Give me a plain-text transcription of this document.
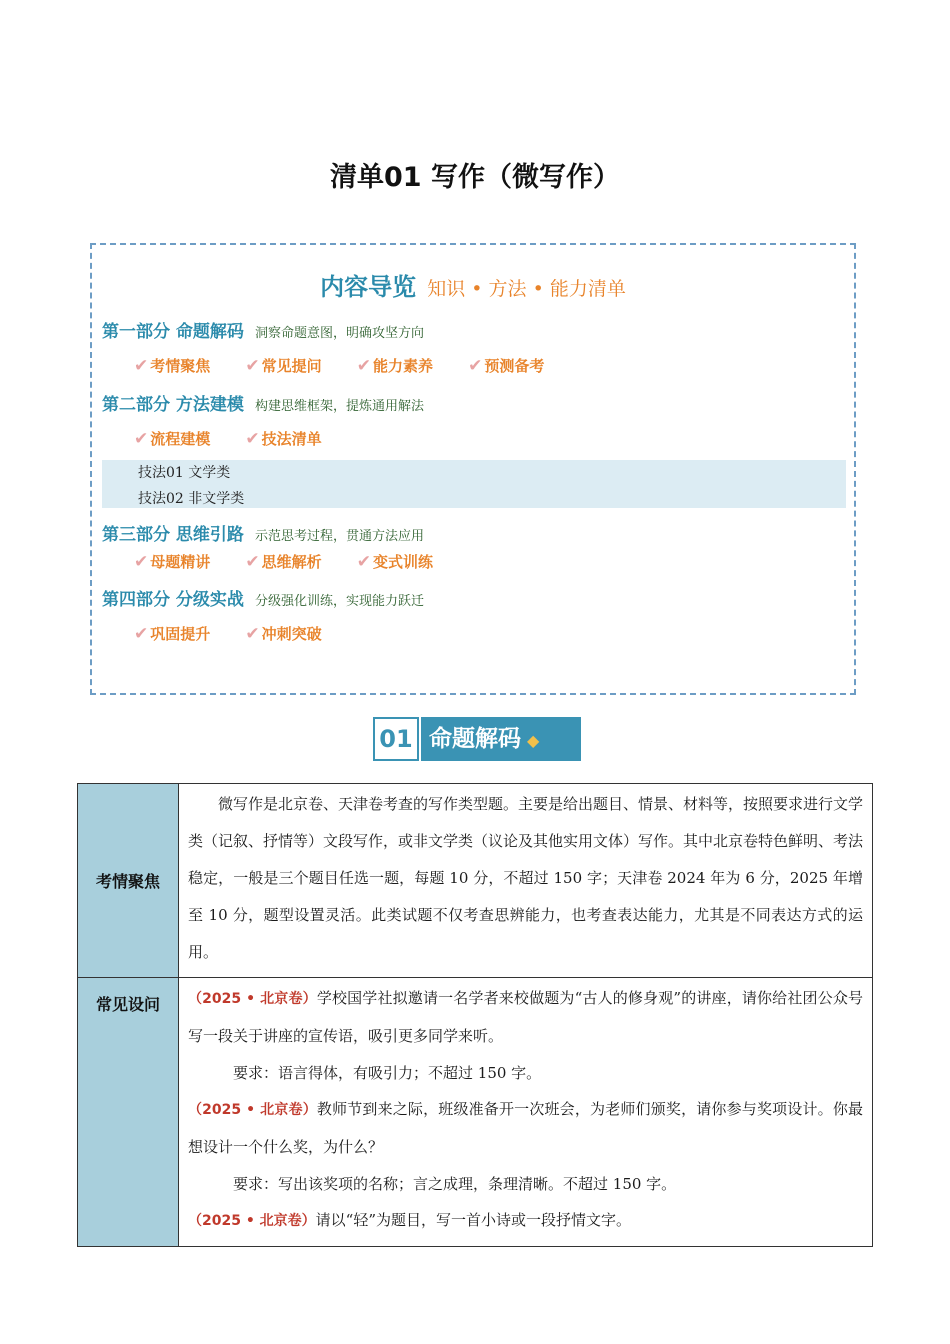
清单01 写作（微写作）
内容导览 知识 • 方法 • 能力清单
第一部分 命题解码 洞察命题意图，明确攻坚方向
✔ 考情聚焦 ✔ 常见提问 ✔ 能力素养 ✔ 预测备考
第二部分 方法建模 构建思维框架，提炼通用解法
✔ 流程建模 ✔ 技法清单
技法01 文学类
技法02 非文学类
第三部分 思维引路 示范思考过程，贯通方法应用
✔ 母题精讲 ✔ 思维解析 ✔ 变式训练
第四部分 分级实战 分级强化训练，实现能力跃迁
✔ 巩固提升 ✔ 冲刺突破
01 命题解码 ◆
考情聚焦	微写作是北京卷、天津卷考查的写作类型题。主要是给出题目、情景、材料等，按照要求进行文学类（记叙、抒情等）文段写作，或非文学类（议论及其他实用文体）写作。其中北京卷特色鲜明、考法稳定，一般是三个题目任选一题，每题 10 分，不超过 150 字；天津卷 2024 年为 6 分，2025 年增至 10 分，题型设置灵活。此类试题不仅考查思辨能力，也考查表达能力，尤其是不同表达方式的运用。

常见设问	（2025 • 北京卷）学校国学社拟邀请一名学者来校做题为“古人的修身观”的讲座，请你给社团公众号写一段关于讲座的宣传语，吸引更多同学来听。
要求：语言得体，有吸引力；不超过 150 字。
（2025 • 北京卷）教师节到来之际，班级准备开一次班会，为老师们颁奖，请你参与奖项设计。你最想设计一个什么奖，为什么？
要求：写出该奖项的名称；言之成理，条理清晰。不超过 150 字。
（2025 • 北京卷）请以“轻”为题目，写一首小诗或一段抒情文字。
